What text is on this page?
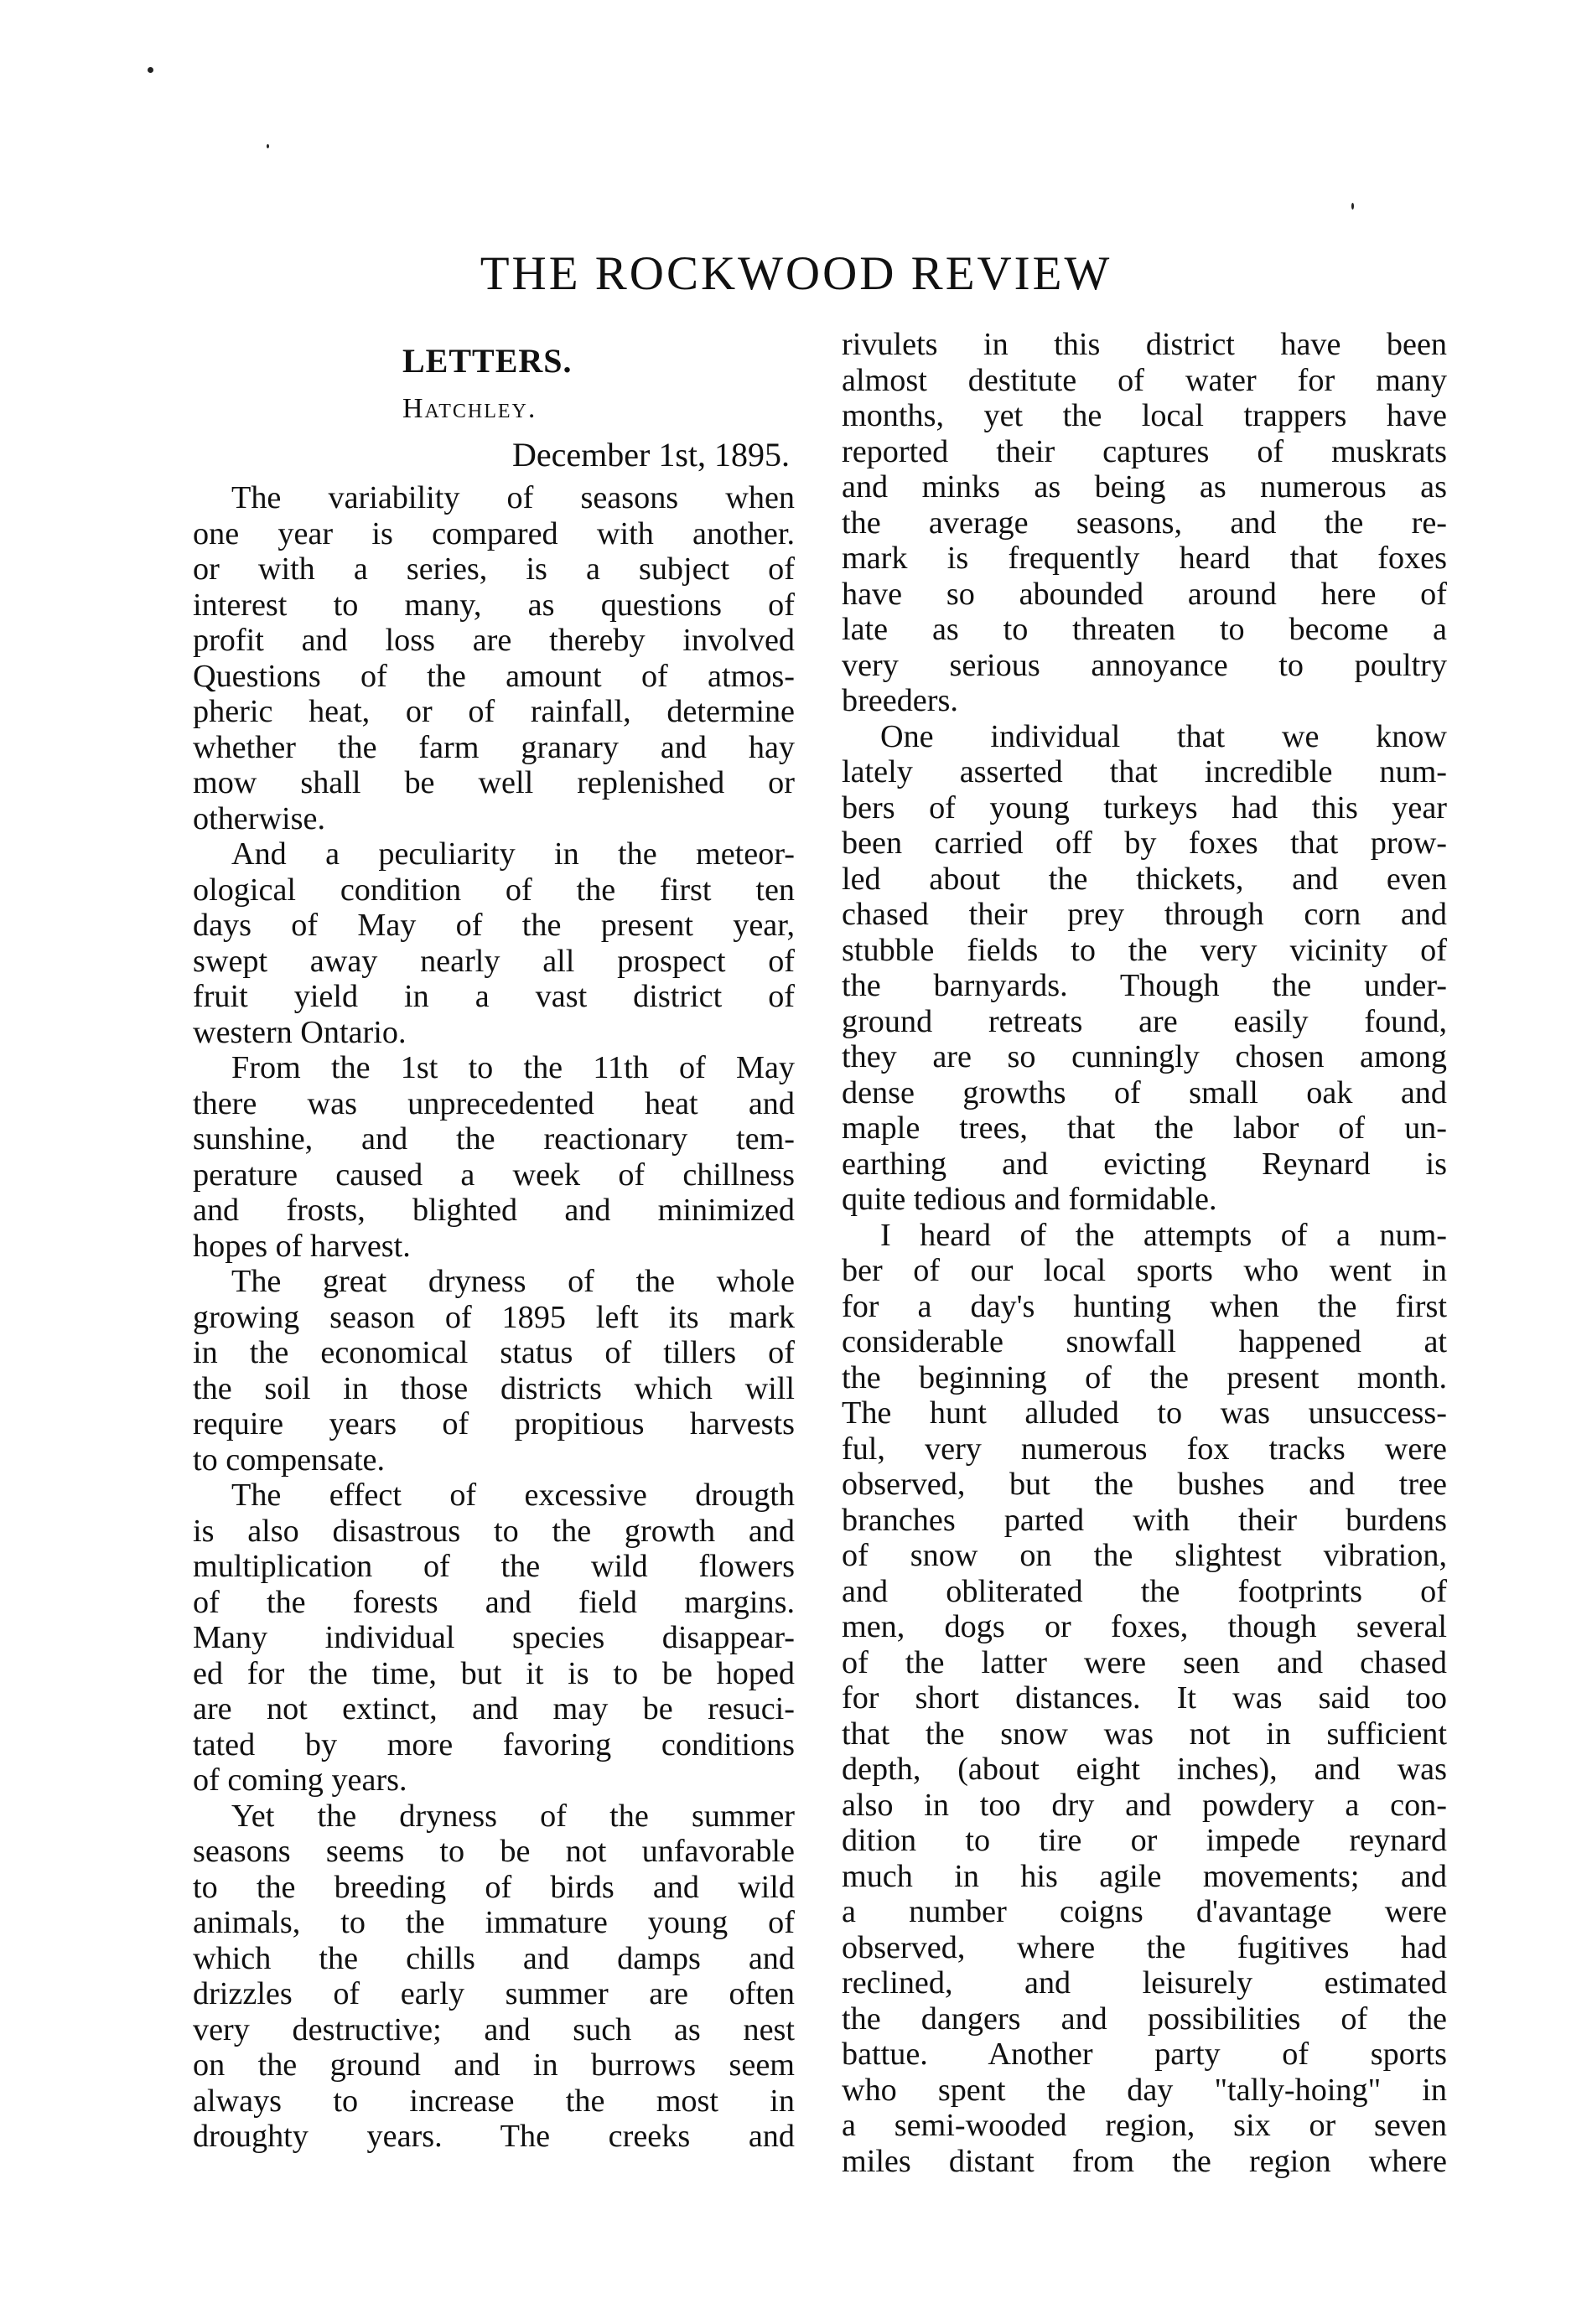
THE ROCKWOOD REVIEW
LETTERS.
Hatchley.
December 1st, 1895.
The variability of seasons when
one year is compared with another.
or with a series, is a subject of
interest to many, as questions of
profit and loss are thereby involved
Questions of the amount of atmos-
pheric heat, or of rainfall, determine
whether the farm granary and hay
mow shall be well replenished or
otherwise.
And a peculiarity in the meteor-
ological condition of the first ten
days of May of the present year,
swept away nearly all prospect of
fruit yield in a vast district of
western Ontario.
From the 1st to the 11th of May
there was unprecedented heat and
sunshine, and the reactionary tem-
perature caused a week of chillness
and frosts, blighted and minimized
hopes of harvest.
The great dryness of the whole
growing season of 1895 left its mark
in the economical status of tillers of
the soil in those districts which will
require years of propitious harvests
to compensate.
The effect of excessive drougth
is also disastrous to the growth and
multiplication of the wild flowers
of the forests and field margins.
Many individual species disappear-
ed for the time, but it is to be hoped
are not extinct, and may be resuci-
tated by more favoring conditions
of coming years.
Yet the dryness of the summer
seasons seems to be not unfavorable
to the breeding of birds and wild
animals, to the immature young of
which the chills and damps and
drizzles of early summer are often
very destructive; and such as nest
on the ground and in burrows seem
always to increase the most in
droughty years. The creeks and
rivulets in this district have been
almost destitute of water for many
months, yet the local trappers have
reported their captures of muskrats
and minks as being as numerous as
the average seasons, and the re-
mark is frequently heard that foxes
have so abounded around here of
late as to threaten to become a
very serious annoyance to poultry
breeders.
One individual that we know
lately asserted that incredible num-
bers of young turkeys had this year
been carried off by foxes that prow-
led about the thickets, and even
chased their prey through corn and
stubble fields to the very vicinity of
the barnyards. Though the under-
ground retreats are easily found,
they are so cunningly chosen among
dense growths of small oak and
maple trees, that the labor of un-
earthing and evicting Reynard is
quite tedious and formidable.
I heard of the attempts of a num-
ber of our local sports who went in
for a day's hunting when the first
considerable snowfall happened at
the beginning of the present month.
The hunt alluded to was unsuccess-
ful, very numerous fox tracks were
observed, but the bushes and tree
branches parted with their burdens
of snow on the slightest vibration,
and obliterated the footprints of
men, dogs or foxes, though several
of the latter were seen and chased
for short distances. It was said too
that the snow was not in sufficient
depth, (about eight inches), and was
also in too dry and powdery a con-
dition to tire or impede reynard
much in his agile movements; and
a number coigns d'avantage were
observed, where the fugitives had
reclined, and leisurely estimated
the dangers and possibilities of the
battue. Another party of sports
who spent the day "tally-hoing" in
a semi-wooded region, six or seven
miles distant from the region where
